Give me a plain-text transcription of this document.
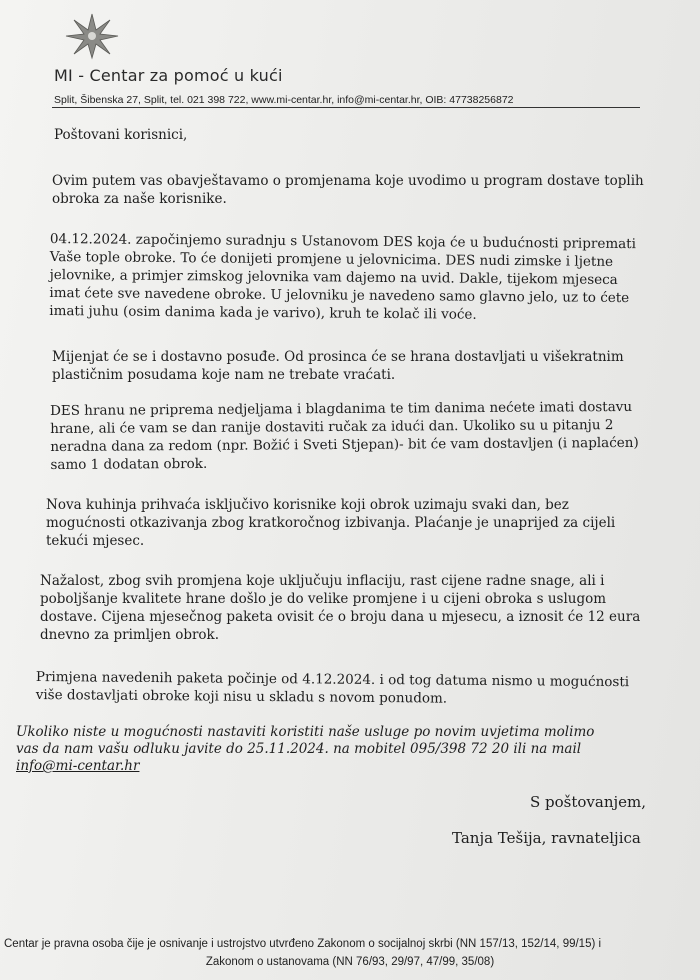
MI - Centar za pomoć u kući
Split, Šibenska 27, Split, tel. 021 398 722, www.mi-centar.hr, info@mi-centar.hr, OIB: 47738256872
Poštovani korisnici,
Ovim putem vas obavještavamo o promjenama koje uvodimo u program dostave toplih
obroka za naše korisnike.
04.12.2024. započinjemo suradnju s Ustanovom DES koja će u budućnosti pripremati
Vaše tople obroke. To će donijeti promjene u jelovnicima. DES nudi zimske i ljetne
jelovnike, a primjer zimskog jelovnika vam dajemo na uvid. Dakle, tijekom mjeseca
imat ćete sve navedene obroke. U jelovniku je navedeno samo glavno jelo, uz to ćete
imati juhu (osim danima kada je varivo), kruh te kolač ili voće.
Mijenjat će se i dostavno posuđe. Od prosinca će se hrana dostavljati u višekratnim
plastičnim posudama koje nam ne trebate vraćati.
DES hranu ne priprema nedjeljama i blagdanima te tim danima nećete imati dostavu
hrane, ali će vam se dan ranije dostaviti ručak za idući dan. Ukoliko su u pitanju 2
neradna dana za redom (npr. Božić i Sveti Stjepan)- bit će vam dostavljen (i naplaćen)
samo 1 dodatan obrok.
Nova kuhinja prihvaća isključivo korisnike koji obrok uzimaju svaki dan, bez
mogućnosti otkazivanja zbog kratkoročnog izbivanja. Plaćanje je unaprijed za cijeli
tekući mjesec.
Nažalost, zbog svih promjena koje uključuju inflaciju, rast cijene radne snage, ali i
poboljšanje kvalitete hrane došlo je do velike promjene i u cijeni obroka s uslugom
dostave. Cijena mjesečnog paketa ovisit će o broju dana u mjesecu, a iznosit će 12 eura
dnevno za primljen obrok.
Primjena navedenih paketa počinje od 4.12.2024. i od tog datuma nismo u mogućnosti
više dostavljati obroke koji nisu u skladu s novom ponudom.
Ukoliko niste u mogućnosti nastaviti koristiti naše usluge po novim uvjetima molimo
vas da nam vašu odluku javite do 25.11.2024. na mobitel 095/398 72 20 ili na mail
info@mi-centar.hr
S poštovanjem,
Tanja Tešija, ravnateljica
Centar je pravna osoba čije je osnivanje i ustrojstvo utvrđeno Zakonom o socijalnoj skrbi (NN 157/13, 152/14, 99/15) i
Zakonom o ustanovama (NN 76/93, 29/97, 47/99, 35/08)
